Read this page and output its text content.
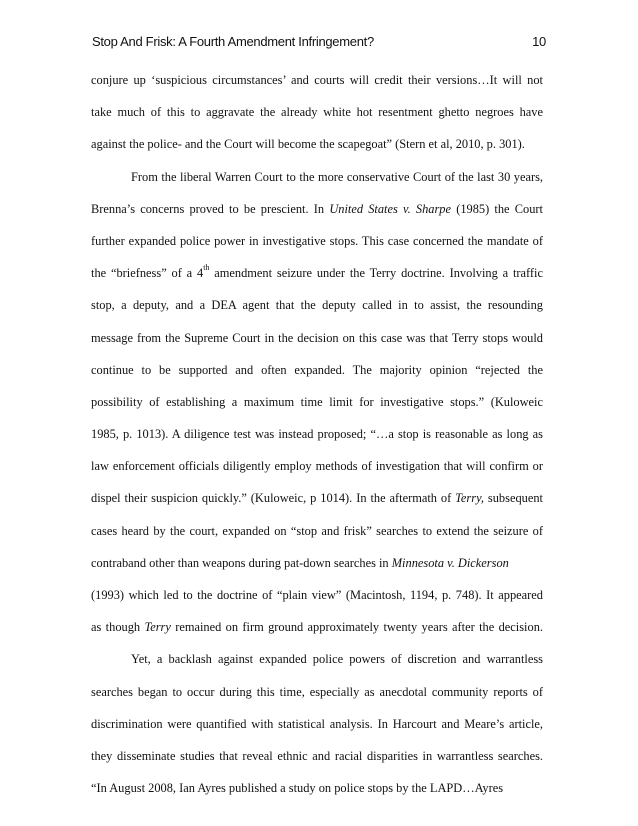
Stop And Frisk: A Fourth Amendment Infringement?	10
conjure up ‘suspicious circumstances’ and courts will credit their versions…It will not
take much of this to aggravate the already white hot resentment ghetto negroes have
against the police- and the Court will become the scapegoat” (Stern et al, 2010, p. 301).
From the liberal Warren Court to the more conservative Court of the last 30 years,
Brenna’s concerns proved to be prescient. In United States v. Sharpe (1985) the Court
further expanded police power in investigative stops. This case concerned the mandate of
the “briefness” of a 4th amendment seizure under the Terry doctrine. Involving a traffic
stop, a deputy, and a DEA agent that the deputy called in to assist, the resounding
message from the Supreme Court in the decision on this case was that Terry stops would
continue to be supported and often expanded. The majority opinion “rejected the
possibility of establishing a maximum time limit for investigative stops.” (Kuloweic
1985, p. 1013). A diligence test was instead proposed; “…a stop is reasonable as long as
law enforcement officials diligently employ methods of investigation that will confirm or
dispel their suspicion quickly.” (Kuloweic, p 1014). In the aftermath of Terry, subsequent
cases heard by the court, expanded on “stop and frisk” searches to extend the seizure of
contraband other than weapons during pat-down searches in Minnesota v. Dickerson
(1993) which led to the doctrine of “plain view” (Macintosh, 1194, p. 748). It appeared
as though Terry remained on firm ground approximately twenty years after the decision.
Yet, a backlash against expanded police powers of discretion and warrantless
searches began to occur during this time, especially as anecdotal community reports of
discrimination were quantified with statistical analysis. In Harcourt and Meare’s article,
they disseminate studies that reveal ethnic and racial disparities in warrantless searches.
“In August 2008, Ian Ayres published a study on police stops by the LAPD…Ayres
